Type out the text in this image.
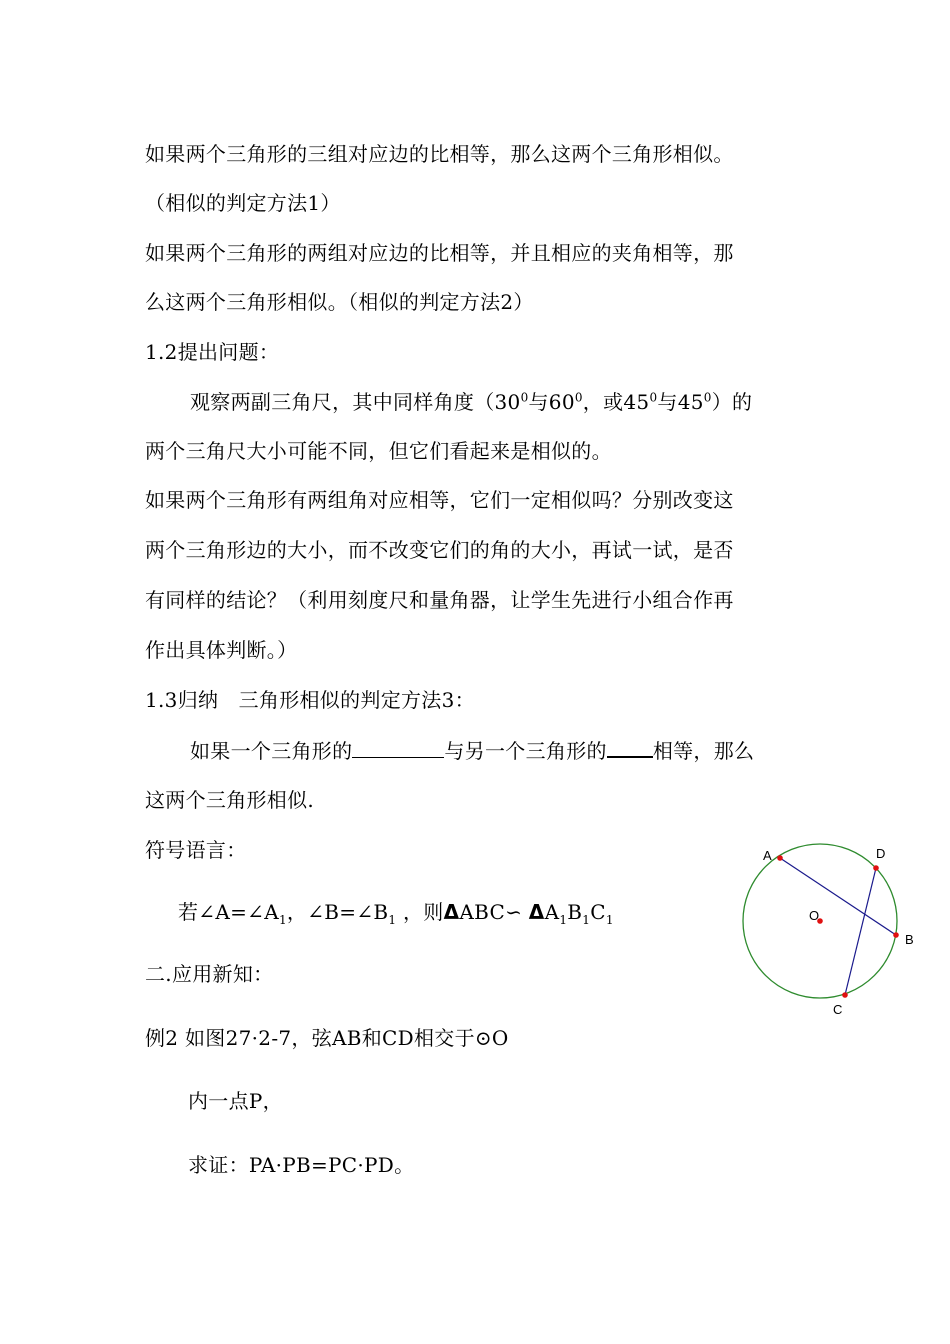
如果两个三角形的三组对应边的比相等，那么这两个三角形相似。
（相似的判定方法1）
如果两个三角形的两组对应边的比相等，并且相应的夹角相等，那
么这两个三角形相似。（相似的判定方法2）
1.2提出问题：
观察两副三角尺，其中同样角度（$30^0$与$60^0$，或$45^0$与$45^0$）的
两个三角尺大小可能不同，但它们看起来是相似的。
如果两个三角形有两组角对应相等，它们一定相似吗？分别改变这
两个三角形边的大小，而不改变它们的角的大小，再试一试，是否
有同样的结论？（利用刻度尺和量角器，让学生先进行小组合作再
作出具体判断。）
1.3归纳　三角形相似的判定方法3：
如果一个三角形的	与另一个三角形的 相等，那么
这两个三角形相似.
符号语言：
若$\angle A=\angle A_1$，$\angle B=\angle B_1$ ，则ΔABC∽ $\Delta A_1B_1C_1$
二.应用新知：
例2 如图27·2-7，弦AB和CD相交于⊙O
内一点P，
求证：PA·PB=PC·PD。
A
B
C
D
O
